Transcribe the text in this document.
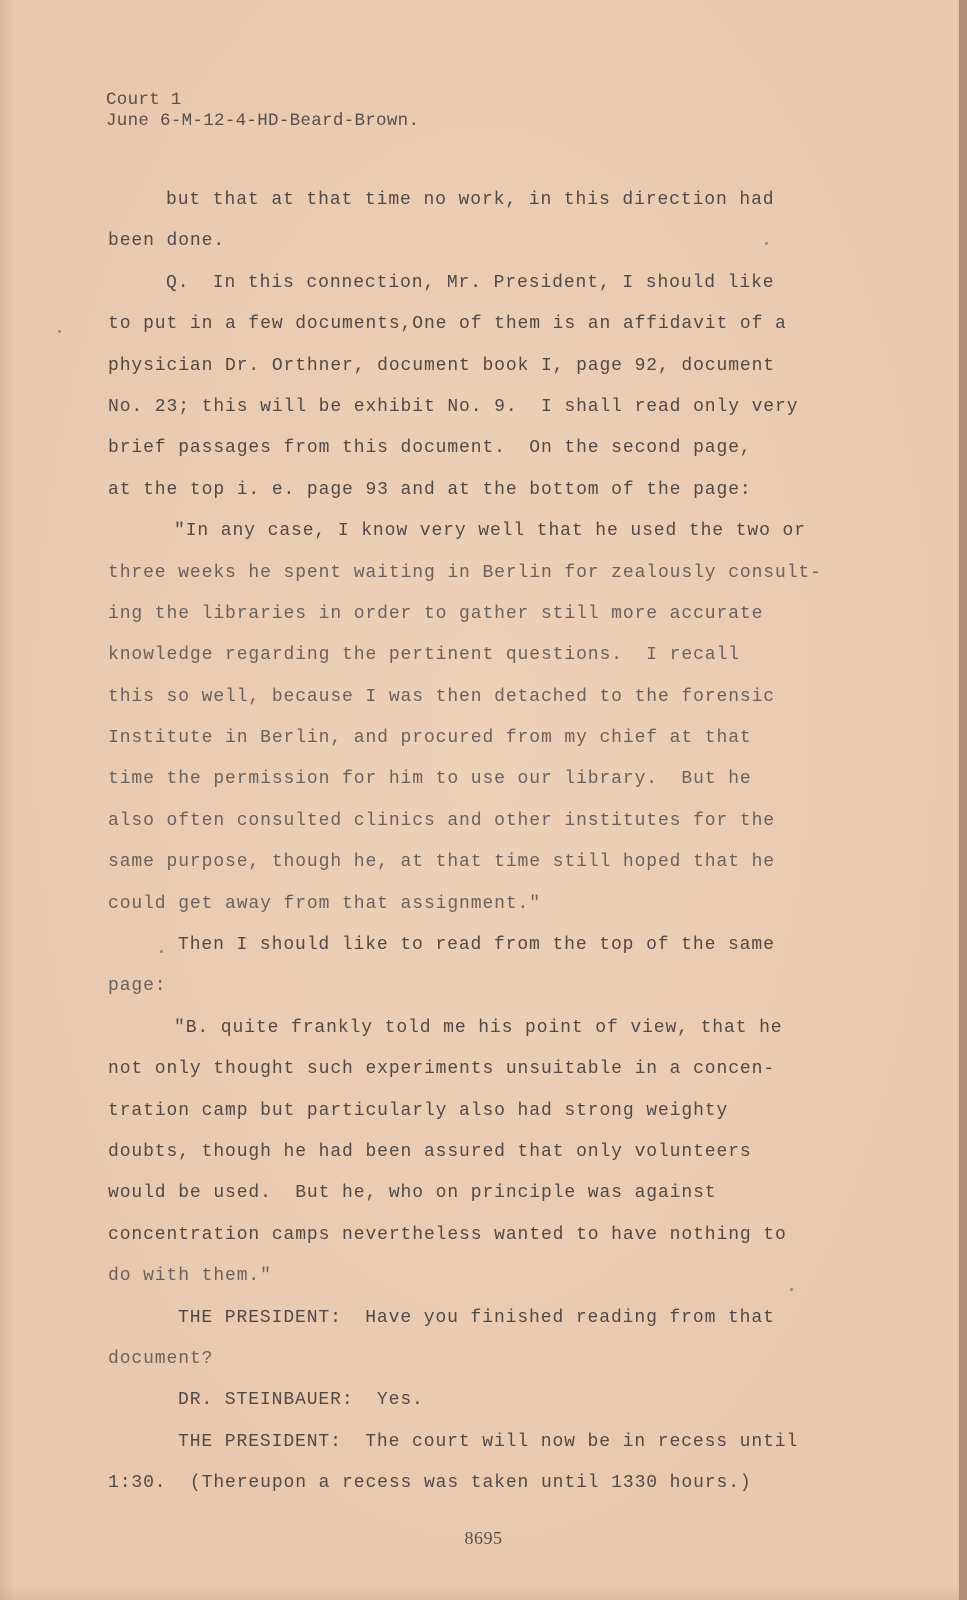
Court 1
June 6-M-12-4-HD-Beard-Brown.
but that at that time no work, in this direction had
been done.
Q.  In this connection, Mr. President, I should like
to put in a few documents,One of them is an affidavit of a
physician Dr. Orthner, document book I, page 92, document
No. 23; this will be exhibit No. 9.  I shall read only very
brief passages from this document.  On the second page,
at the top i. e. page 93 and at the bottom of the page:
"In any case, I know very well that he used the two or
three weeks he spent waiting in Berlin for zealously consult-
ing the libraries in order to gather still more accurate
knowledge regarding the pertinent questions.  I recall
this so well, because I was then detached to the forensic
Institute in Berlin, and procured from my chief at that
time the permission for him to use our library.  But he
also often consulted clinics and other institutes for the
same purpose, though he, at that time still hoped that he
could get away from that assignment."
Then I should like to read from the top of the same
page:
"B. quite frankly told me his point of view, that he
not only thought such experiments unsuitable in a concen-
tration camp but particularly also had strong weighty
doubts, though he had been assured that only volunteers
would be used.  But he, who on principle was against
concentration camps nevertheless wanted to have nothing to
do with them."
THE PRESIDENT:  Have you finished reading from that
document?
DR. STEINBAUER:  Yes.
THE PRESIDENT:  The court will now be in recess until
1:30.  (Thereupon a recess was taken until 1330 hours.)
8695
